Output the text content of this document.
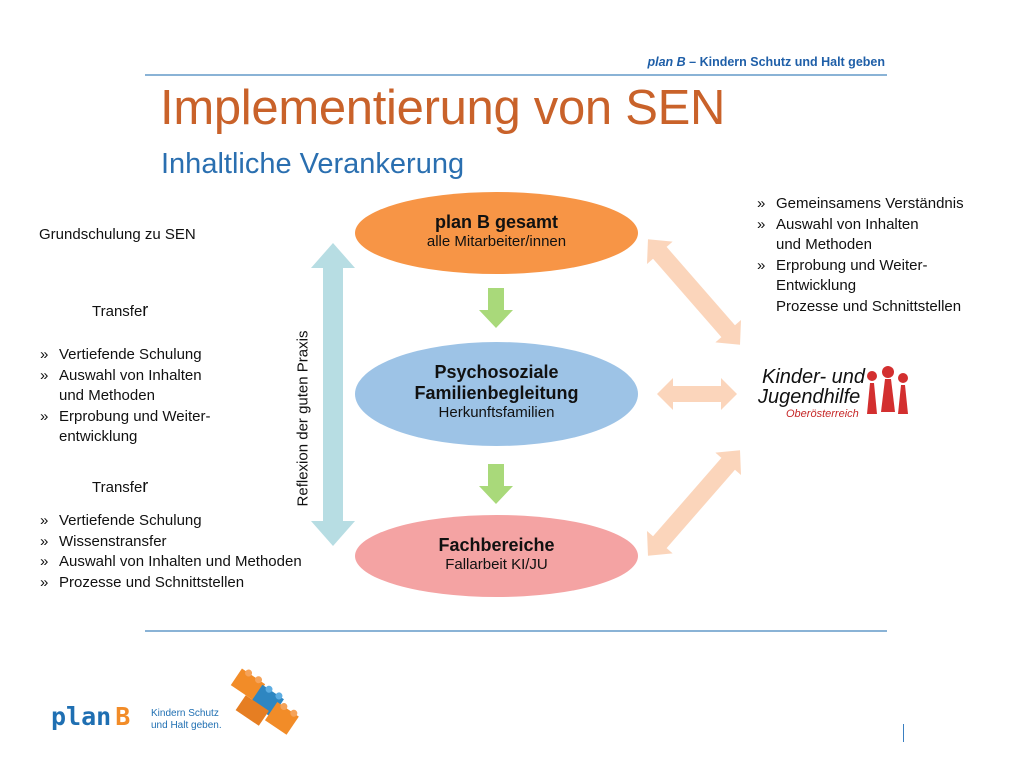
plan B – Kindern Schutz und Halt geben
Implementierung von SEN
Inhaltliche Verankerung
Reflexion der guten Praxis
plan B gesamt
alle Mitarbeiter/innen
Psychosoziale Familienbegleitung
Herkunftsfamilien
Fachbereiche
Fallarbeit KI/JU
Grundschulung zu SEN
Transfer
» Vertiefende Schulung
» Auswahl von Inhalten
und Methoden
» Erprobung und Weiter-
entwicklung
Transfer
» Vertiefende Schulung
» Wissenstransfer
» Auswahl von Inhalten und Methoden
» Prozesse und Schnittstellen
» Gemeinsamens Verständnis
» Auswahl von Inhalten
und Methoden
» Erprobung und Weiter-
Entwicklung
Prozesse und Schnittstellen
Kinder- und
Jugendhilfe
Oberösterreich
plan B Kindern Schutz
und Halt geben.
